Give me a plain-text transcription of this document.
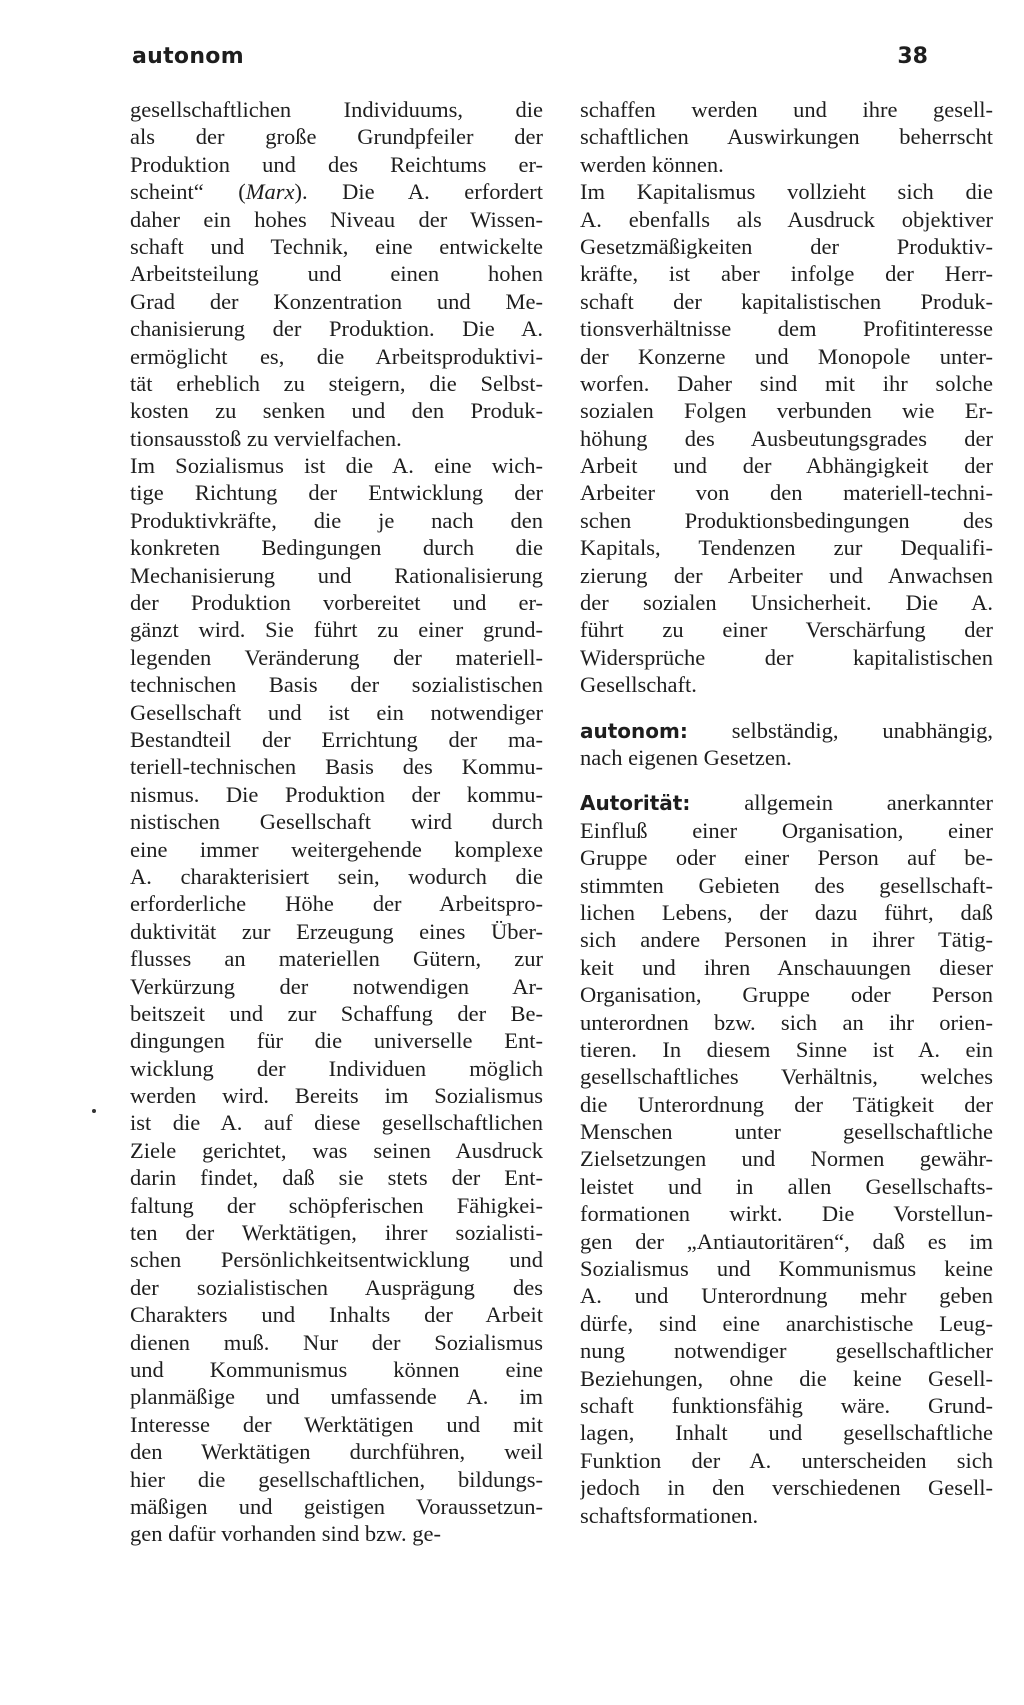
autonom	38
gesellschaftlichen Individuums, die
als der große Grundpfeiler der
Produktion und des Reichtums er-
scheint“ (Marx). Die A. erfordert
daher ein hohes Niveau der Wissen-
schaft und Technik, eine entwickelte
Arbeitsteilung und einen hohen
Grad der Konzentration und Me-
chanisierung der Produktion. Die A.
ermöglicht es, die Arbeitsproduktivi-
tät erheblich zu steigern, die Selbst-
kosten zu senken und den Produk-
tionsausstoß zu vervielfachen.
Im Sozialismus ist die A. eine wich-
tige Richtung der Entwicklung der
Produktivkräfte, die je nach den
konkreten Bedingungen durch die
Mechanisierung und Rationalisierung
der Produktion vorbereitet und er-
gänzt wird. Sie führt zu einer grund-
legenden Veränderung der materiell-
technischen Basis der sozialistischen
Gesellschaft und ist ein notwendiger
Bestandteil der Errichtung der ma-
teriell-technischen Basis des Kommu-
nismus. Die Produktion der kommu-
nistischen Gesellschaft wird durch
eine immer weitergehende komplexe
A. charakterisiert sein, wodurch die
erforderliche Höhe der Arbeitspro-
duktivität zur Erzeugung eines Über-
flusses an materiellen Gütern, zur
Verkürzung der notwendigen Ar-
beitszeit und zur Schaffung der Be-
dingungen für die universelle Ent-
wicklung der Individuen möglich
werden wird. Bereits im Sozialismus
ist die A. auf diese gesellschaftlichen
Ziele gerichtet, was seinen Ausdruck
darin findet, daß sie stets der Ent-
faltung der schöpferischen Fähigkei-
ten der Werktätigen, ihrer sozialisti-
schen Persönlichkeitsentwicklung und
der sozialistischen Ausprägung des
Charakters und Inhalts der Arbeit
dienen muß. Nur der Sozialismus
und Kommunismus können eine
planmäßige und umfassende A. im
Interesse der Werktätigen und mit
den Werktätigen durchführen, weil
hier die gesellschaftlichen, bildungs-
mäßigen und geistigen Voraussetzun-
gen dafür vorhanden sind bzw. ge-
schaffen werden und ihre gesell-
schaftlichen Auswirkungen beherrscht
werden können.
Im Kapitalismus vollzieht sich die
A. ebenfalls als Ausdruck objektiver
Gesetzmäßigkeiten der Produktiv-
kräfte, ist aber infolge der Herr-
schaft der kapitalistischen Produk-
tionsverhältnisse dem Profitinteresse
der Konzerne und Monopole unter-
worfen. Daher sind mit ihr solche
sozialen Folgen verbunden wie Er-
höhung des Ausbeutungsgrades der
Arbeit und der Abhängigkeit der
Arbeiter von den materiell-techni-
schen Produktionsbedingungen des
Kapitals, Tendenzen zur Dequalifi-
zierung der Arbeiter und Anwachsen
der sozialen Unsicherheit. Die A.
führt zu einer Verschärfung der
Widersprüche der kapitalistischen
Gesellschaft.
autonom: selbständig, unabhängig,
nach eigenen Gesetzen.
Autorität: allgemein anerkannter
Einfluß einer Organisation, einer
Gruppe oder einer Person auf be-
stimmten Gebieten des gesellschaft-
lichen Lebens, der dazu führt, daß
sich andere Personen in ihrer Tätig-
keit und ihren Anschauungen dieser
Organisation, Gruppe oder Person
unterordnen bzw. sich an ihr orien-
tieren. In diesem Sinne ist A. ein
gesellschaftliches Verhältnis, welches
die Unterordnung der Tätigkeit der
Menschen unter gesellschaftliche
Zielsetzungen und Normen gewähr-
leistet und in allen Gesellschafts-
formationen wirkt. Die Vorstellun-
gen der „Antiautoritären“, daß es im
Sozialismus und Kommunismus keine
A. und Unterordnung mehr geben
dürfe, sind eine anarchistische Leug-
nung notwendiger gesellschaftlicher
Beziehungen, ohne die keine Gesell-
schaft funktionsfähig wäre. Grund-
lagen, Inhalt und gesellschaftliche
Funktion der A. unterscheiden sich
jedoch in den verschiedenen Gesell-
schaftsformationen.
